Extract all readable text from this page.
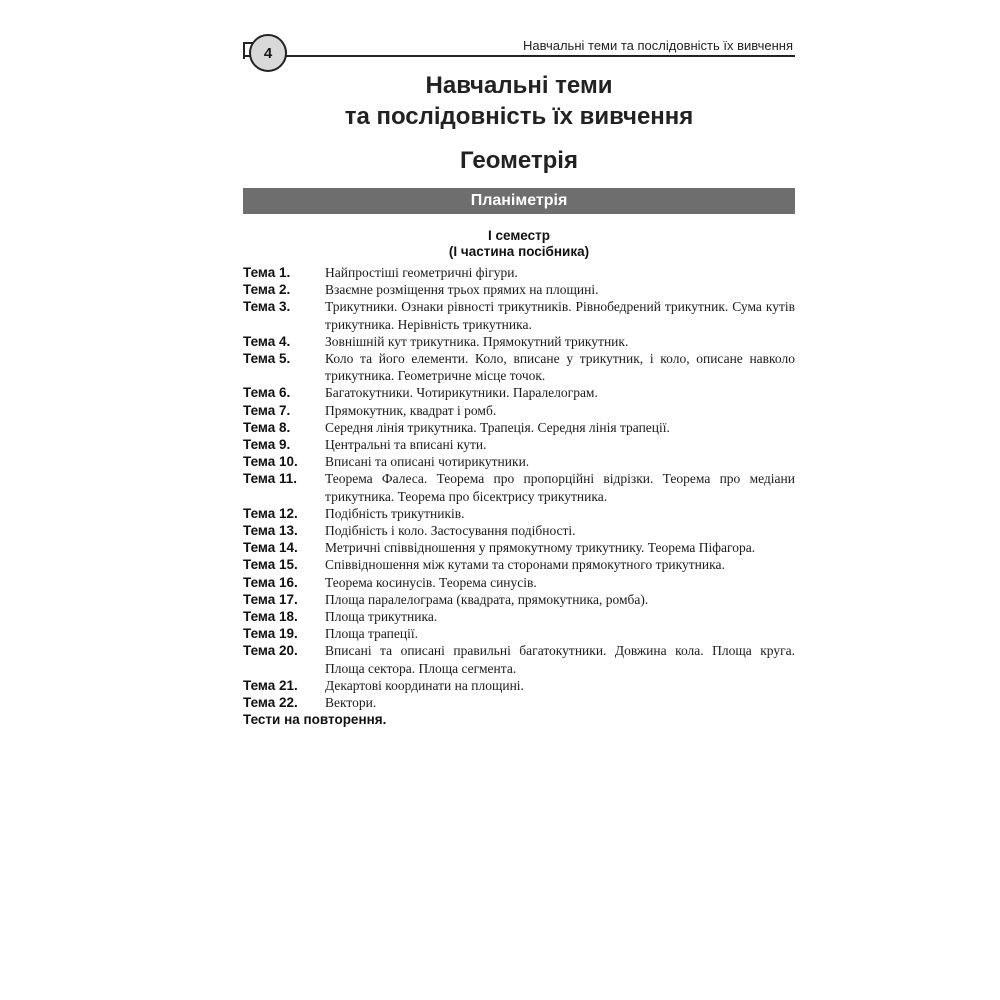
4	Навчальні теми та послідовність їх вивчення
Навчальні теми
та послідовність їх вивчення
Геометрія
Планіметрія
І семестр
(І частина посібника)
Тема 1.	Найпростіші геометричні фігури.
Тема 2.	Взаємне розміщення трьох прямих на площині.
Тема 3.	Трикутники. Ознаки рівності трикутників. Рівнобедрений трикутник. Сума кутів трикутника. Нерівність трикутника.
Тема 4.	Зовнішній кут трикутника. Прямокутний трикутник.
Тема 5.	Коло та його елементи. Коло, вписане у трикутник, і коло, описане навколо трикутника. Геометричне місце точок.
Тема 6.	Багатокутники. Чотирикутники. Паралелограм.
Тема 7.	Прямокутник, квадрат і ромб.
Тема 8.	Середня лінія трикутника. Трапеція. Середня лінія трапеції.
Тема 9.	Центральні та вписані кути.
Тема 10.	Вписані та описані чотирикутники.
Тема 11.	Теорема Фалеса. Теорема про пропорційні відрізки. Теорема про медіани трикутника. Теорема про бісектрису трикутника.
Тема 12.	Подібність трикутників.
Тема 13.	Подібність і коло. Застосування подібності.
Тема 14.	Метричні співвідношення у прямокутному трикутнику. Теорема Піфагора.
Тема 15.	Співвідношення між кутами та сторонами прямокутного трикутника.
Тема 16.	Теорема косинусів. Теорема синусів.
Тема 17.	Площа паралелограма (квадрата, прямокутника, ромба).
Тема 18.	Площа трикутника.
Тема 19.	Площа трапеції.
Тема 20.	Вписані та описані правильні багатокутники. Довжина кола. Площа круга. Площа сектора. Площа сегмента.
Тема 21.	Декартові координати на площині.
Тема 22.	Вектори.
Тести на повторення.
